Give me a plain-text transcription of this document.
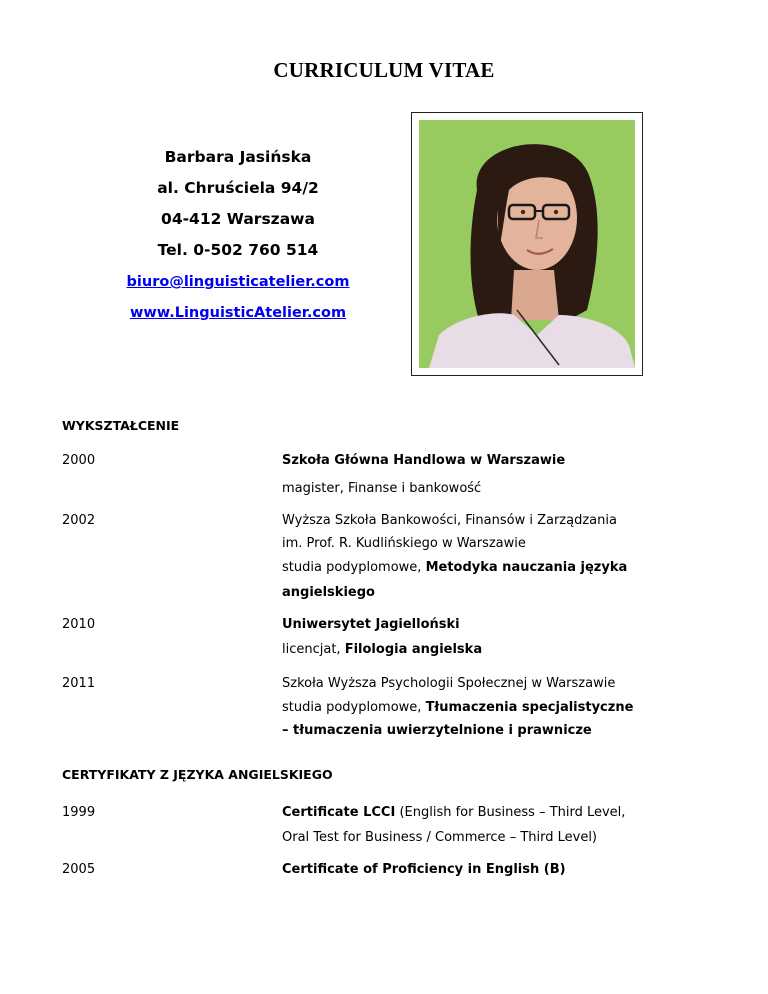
CURRICULUM VITAE
Barbara Jasińska
al. Chruściela 94/2
04-412 Warszawa
Tel. 0-502 760 514
biuro@linguisticatelier.com
www.LinguisticAtelier.com
WYKSZTAŁCENIE
2000	Szkoła Główna Handlowa w Warszawie
magister, Finanse i bankowość
2002	Wyższa Szkoła Bankowości, Finansów i Zarządzania
im. Prof. R. Kudlińskiego w Warszawie
studia podyplomowe, Metodyka nauczania języka
angielskiego
2010	Uniwersytet Jagielloński
licencjat, Filologia angielska
2011	Szkoła Wyższa Psychologii Społecznej w Warszawie
studia podyplomowe, Tłumaczenia specjalistyczne
– tłumaczenia uwierzytelnione i prawnicze
CERTYFIKATY Z JĘZYKA ANGIELSKIEGO
1999	Certificate LCCI (English for Business – Third Level,
Oral Test for Business / Commerce – Third Level)
2005	Certificate of Proficiency in English (B)
